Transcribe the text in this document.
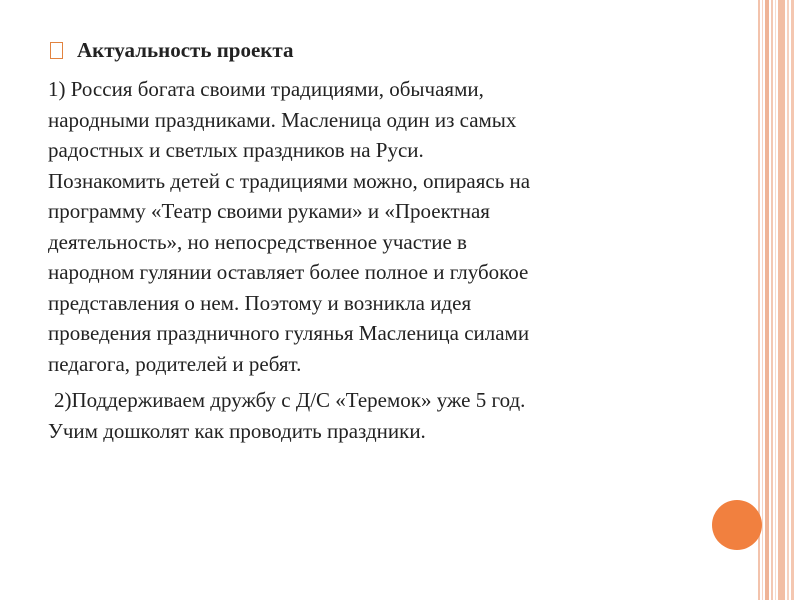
Актуальность проекта

1) Россия богата своими традициями, обычаями,
народными праздниками. Масленица один из самых
радостных и светлых праздников на Руси.
Познакомить детей с традициями можно, опираясь на
программу «Театр своими руками» и «Проектная
деятельность», но непосредственное участие в
народном гулянии оставляет более полное и глубокое
представления о нем. Поэтому и возникла идея
проведения праздничного гулянья Масленица силами
педагога, родителей и ребят.

2)Поддерживаем дружбу с Д/С «Теремок» уже 5 год.
Учим дошколят как проводить праздники.
